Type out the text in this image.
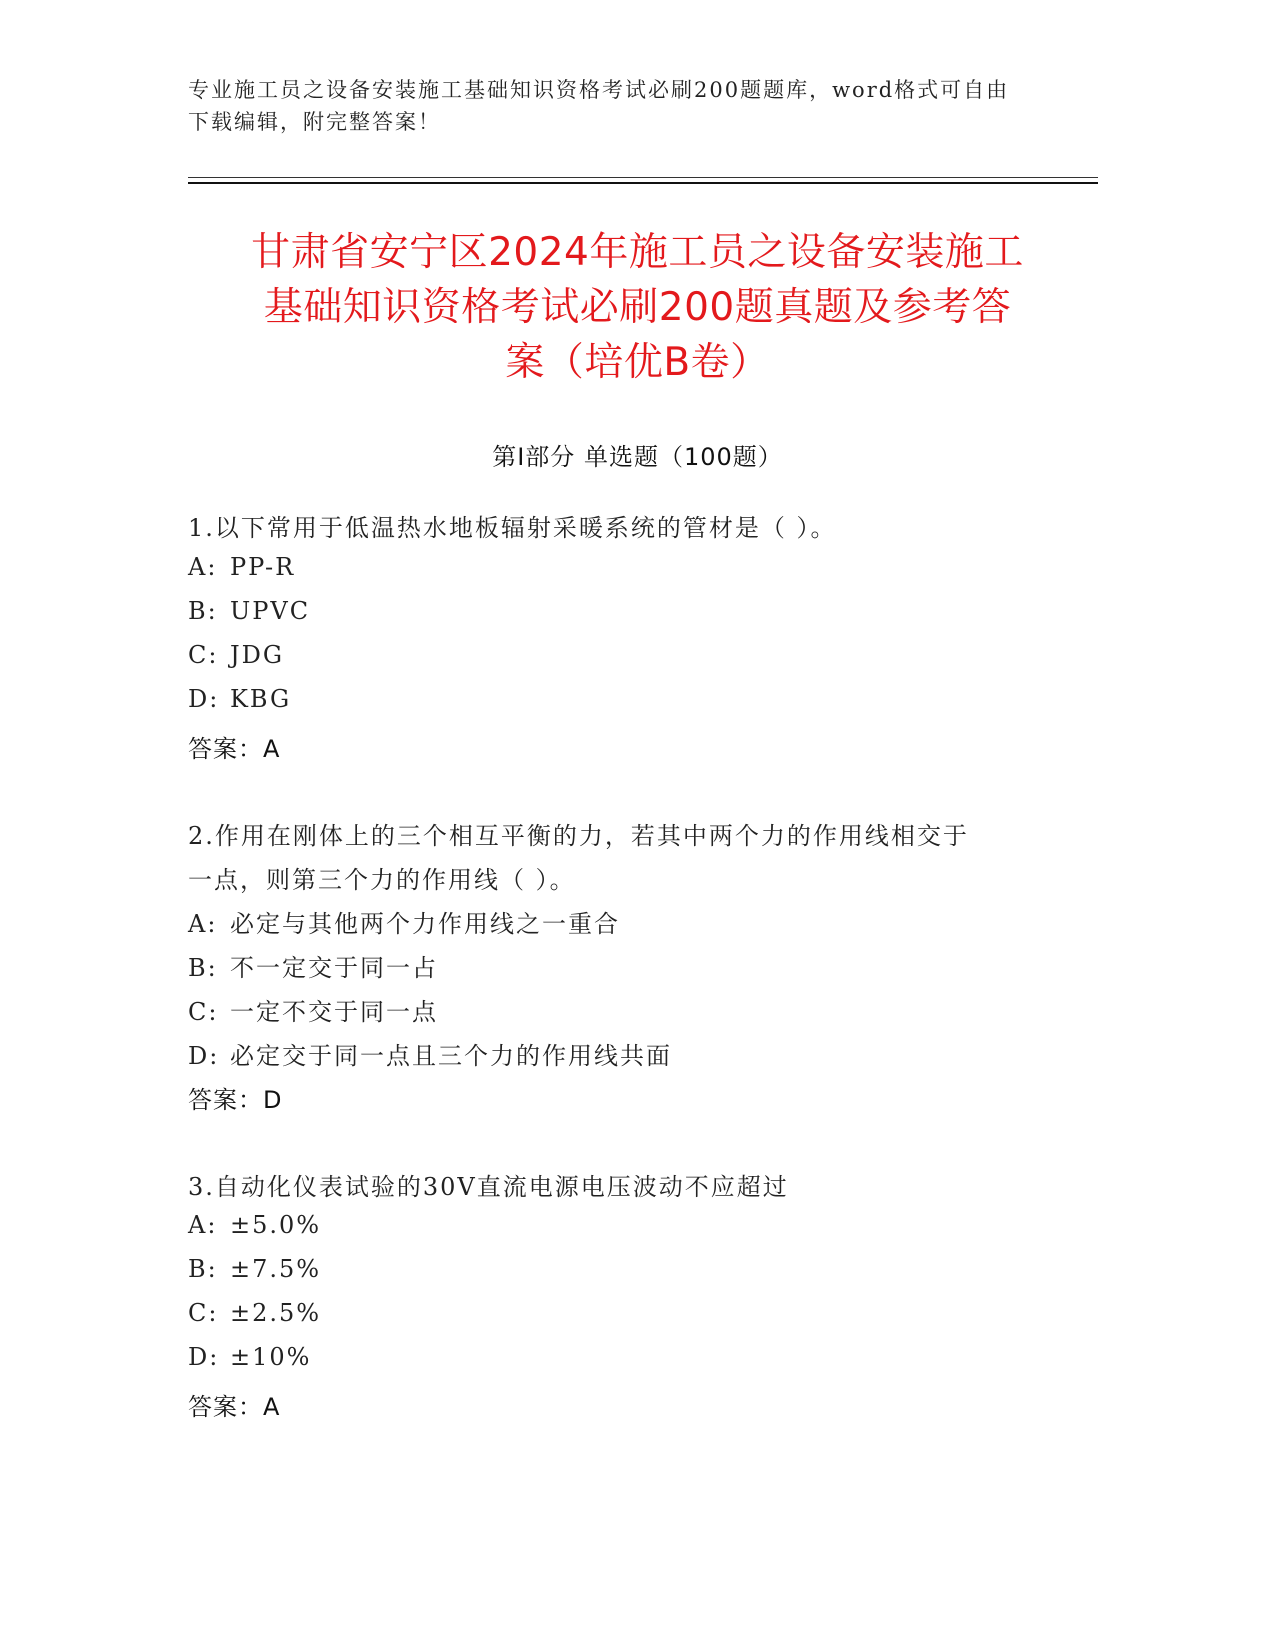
专业施工员之设备安装施工基础知识资格考试必刷200题题库，word格式可自由
下载编辑，附完整答案！
甘肃省安宁区2024年施工员之设备安装施工
基础知识资格考试必刷200题真题及参考答
案（培优B卷）
第I部分 单选题（100题）
1.以下常用于低温热水地板辐射采暖系统的管材是（ ）。
A: PP-R
B: UPVC
C: JDG
D: KBG
答案：A
2.作用在刚体上的三个相互平衡的力，若其中两个力的作用线相交于
一点，则第三个力的作用线（ ）。
A: 必定与其他两个力作用线之一重合
B: 不一定交于同一占
C: 一定不交于同一点
D: 必定交于同一点且三个力的作用线共面
答案：D
3.自动化仪表试验的30V直流电源电压波动不应超过
A: ±5.0%
B: ±7.5%
C: ±2.5%
D: ±10%
答案：A
